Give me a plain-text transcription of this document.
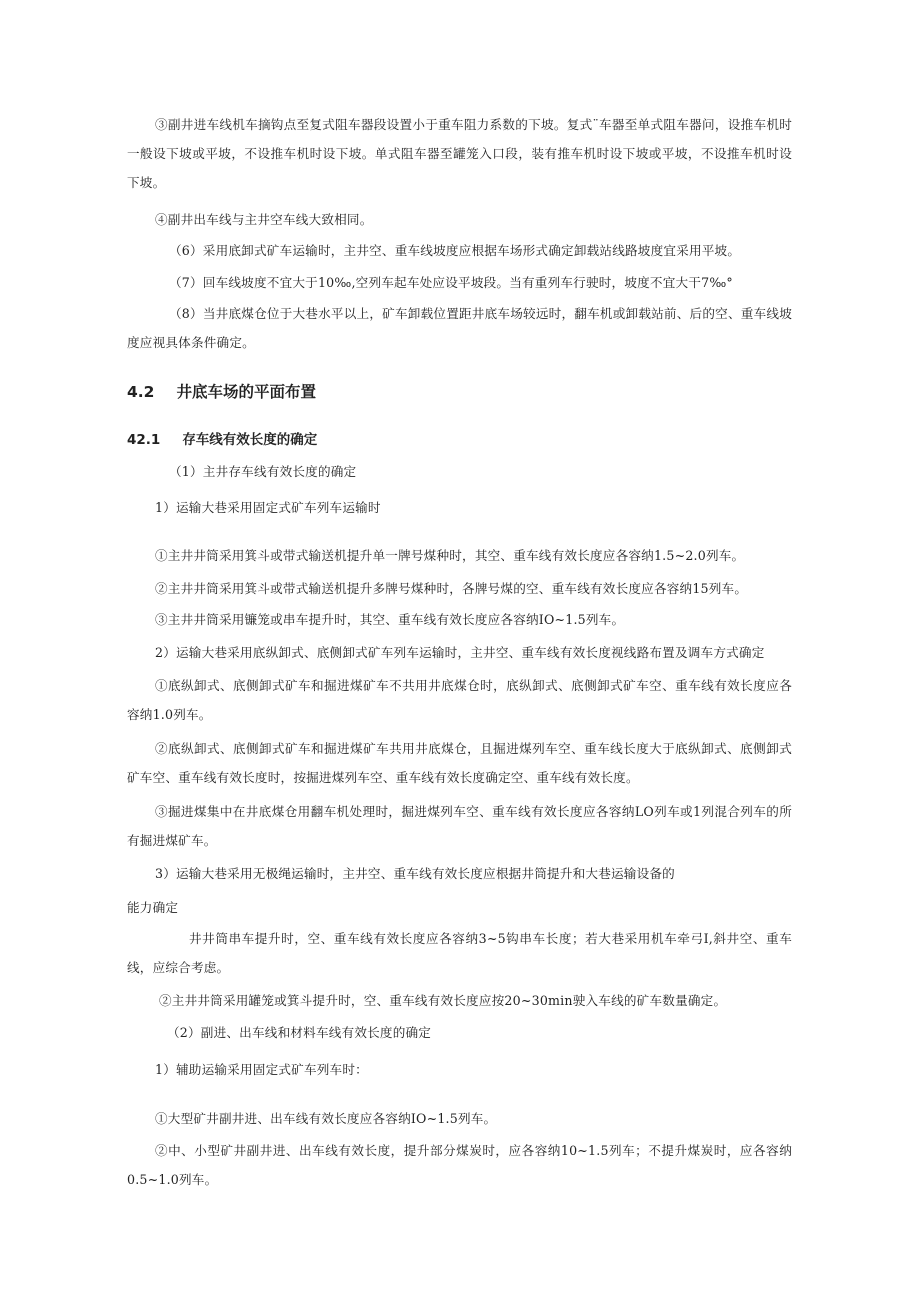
③副井进车线机车摘钩点至复式阻车器段设置小于重车阻力系数的下坡。复式¨车器至单式阻车器问，设推车机时一般设下坡或平坡，不设推车机时设下坡。单式阻车器至罐笼入口段，装有推车机时设下坡或平坡，不设推车机时设下坡。

④副井出车线与主井空车线大致相同。

（6）采用底卸式矿车运输时，主井空、重车线坡度应根据车场形式确定卸载站线路坡度宜采用平坡。

（7）回车线坡度不宜大于10‰,空列车起车处应设平坡段。当有重列车行驶时，坡度不宜大干7‰°

（8）当井底煤仓位于大巷水平以上，矿车卸载位置距井底车场较远时，翻车机或卸载站前、后的空、重车线坡度应视具体条件确定。

4.2 井底车场的平面布置
42.1 存车线有效长度的确定

（1）主井存车线有效长度的确定

1）运输大巷采用固定式矿车列车运输时

①主井井筒采用箕斗或带式输送机提升单一牌号煤种时，其空、重车线有效长度应各容纳1.5~2.0列车。

②主井井筒采用箕斗或带式输送机提升多牌号煤种时，各牌号煤的空、重车线有效长度应各容纳15列车。

③主井井筒采用镰笼或串车提升时，其空、重车线有效长度应各容纳IO~1.5列车。

2）运输大巷采用底纵卸式、底侧卸式矿车列车运输时，主井空、重车线有效长度视线路布置及调车方式确定

①底纵卸式、底侧卸式矿车和掘进煤矿车不共用井底煤仓时，底纵卸式、底侧卸式矿车空、重车线有效长度应各容纳1.0列车。

②底纵卸式、底侧卸式矿车和掘进煤矿车共用井底煤仓，且掘进煤列车空、重车线长度大于底纵卸式、底侧卸式矿车空、重车线有效长度时，按掘进煤列车空、重车线有效长度确定空、重车线有效长度。

③掘进煤集中在井底煤仓用翻车机处理时，掘进煤列车空、重车线有效长度应各容纳LO列车或1列混合列车的所有掘进煤矿车。

3）运输大巷采用无极绳运输时，主井空、重车线有效长度应根据井筒提升和大巷运输设备的

能力确定

井井筒串车提升时，空、重车线有效长度应各容纳3~5钩串车长度；若大巷采用机车牵弓I,斜井空、重车线，应综合考虑。

②主井井筒采用罐笼或箕斗提升时，空、重车线有效长度应按20~30min驶入车线的矿车数量确定。

（2）副进、出车线和材料车线有效长度的确定

1）辅助运输采用固定式矿车列车时：

①大型矿井副井进、出车线有效长度应各容纳IO~1.5列车。

②中、小型矿井副井进、出车线有效长度，提升部分煤炭时，应各容纳10~1.5列车；不提升煤炭时，应各容纳0.5~1.0列车。
